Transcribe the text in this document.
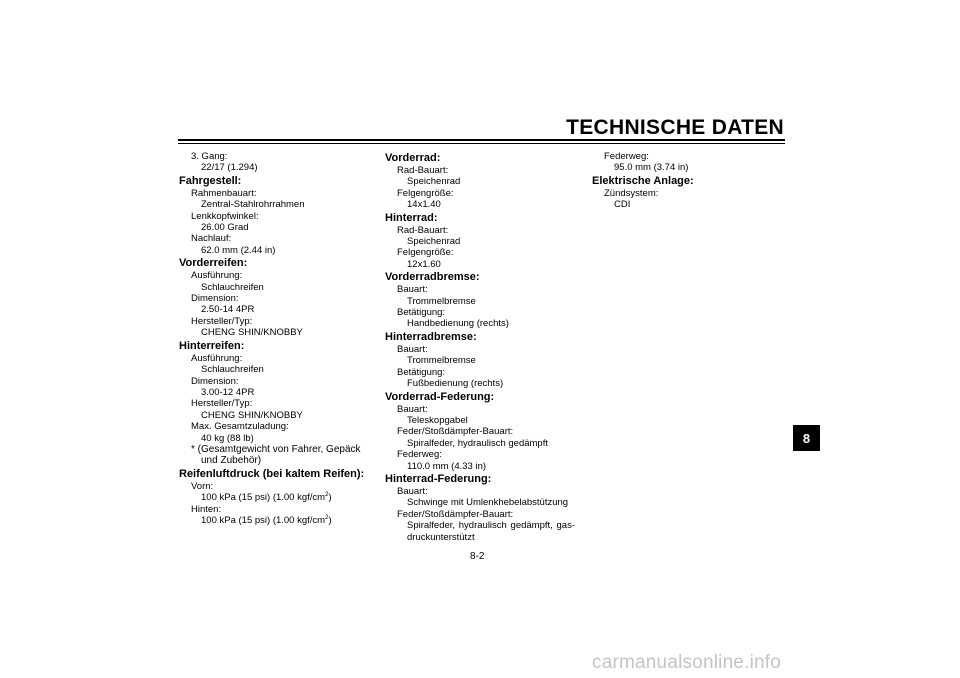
TECHNISCHE DATEN
8
3. Gang:
22/17 (1.294)
Fahrgestell:
Rahmenbauart:
Zentral-Stahlrohrrahmen
Lenkkopfwinkel:
26.00 Grad
Nachlauf:
62.0 mm (2.44 in)
Vorderreifen:
Ausführung:
Schlauchreifen
Dimension:
2.50-14 4PR
Hersteller/Typ:
CHENG SHIN/KNOBBY
Hinterreifen:
Ausführung:
Schlauchreifen
Dimension:
3.00-12 4PR
Hersteller/Typ:
CHENG SHIN/KNOBBY
Max. Gesamtzuladung:
40 kg (88 lb)
* (Gesamtgewicht von Fahrer, Gepäck
und Zubehör)
Reifenluftdruck (bei kaltem Reifen):
Vorn:
100 kPa (15 psi) (1.00 kgf/$cm^2$)
Hinten:
100 kPa (15 psi) (1.00 kgf/$cm^2$)
Vorderrad:
Rad-Bauart:
Speichenrad
Felgengröße:
14x1.40
Hinterrad:
Rad-Bauart:
Speichenrad
Felgengröße:
12x1.60
Vorderradbremse:
Bauart:
Trommelbremse
Betätigung:
Handbedienung (rechts)
Hinterradbremse:
Bauart:
Trommelbremse
Betätigung:
Fußbedienung (rechts)
Vorderrad-Federung:
Bauart:
Teleskopgabel
Feder/Stoßdämpfer-Bauart:
Spiralfeder, hydraulisch gedämpft
Federweg:
110.0 mm (4.33 in)
Hinterrad-Federung:
Bauart:
Schwinge mit Umlenkhebelabstützung
Feder/Stoßdämpfer-Bauart:
Spiralfeder, hydraulisch gedämpft, gas-
druckunterstützt
Federweg:
95.0 mm (3.74 in)
Elektrische Anlage:
Zündsystem:
CDI
8-2
carmanualsonline.info
